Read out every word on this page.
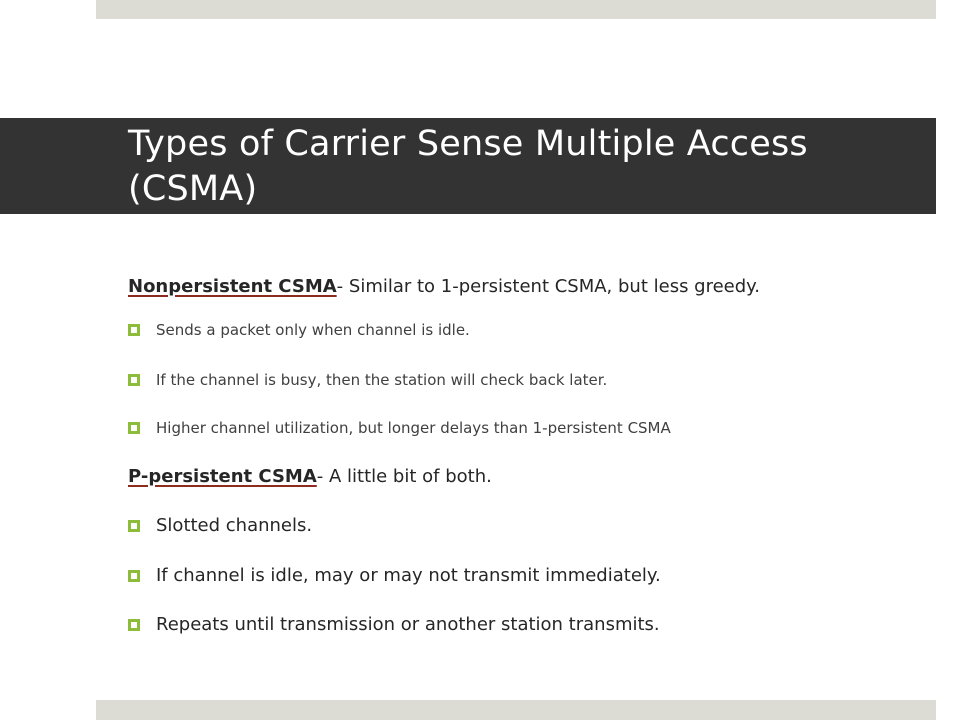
Types of Carrier Sense Multiple Access (CSMA)
Nonpersistent CSMA- Similar to 1-persistent CSMA, but less greedy.
Sends a packet only when channel is idle.
If the channel is busy, then the station will check back later.
Higher channel utilization, but longer delays than 1-persistent CSMA
P-persistent CSMA- A little bit of both.
Slotted channels.
If channel is idle, may or may not transmit immediately.
Repeats until transmission or another station transmits.
